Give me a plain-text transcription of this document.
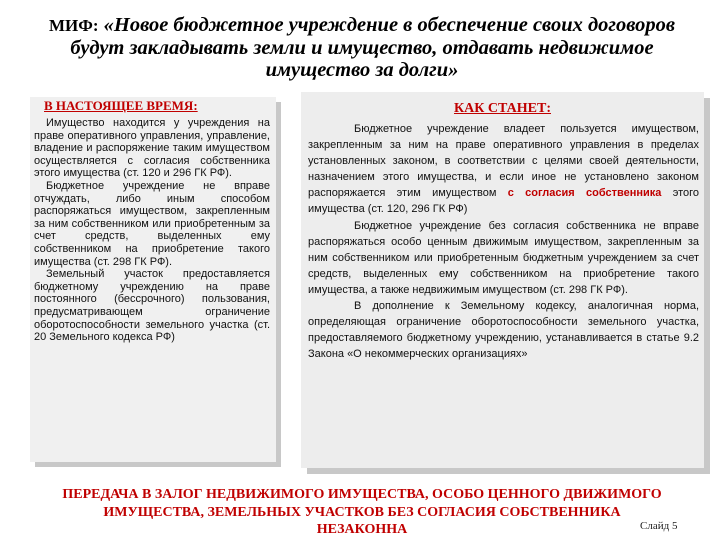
МИФ: «Новое бюджетное учреждение в обеспечение своих договоров будут закладывать земли и имущество, отдавать недвижимое имущество за долги»
В НАСТОЯЩЕЕ ВРЕМЯ:

Имущество находится у учреждения на праве оперативного управления, управление, владение и распоряжение таким имуществом осуществляется с согласия собственника этого имущества (ст. 120 и 296 ГК РФ).

Бюджетное учреждение не вправе отчуждать, либо иным способом распоряжаться имуществом, закрепленным за ним собственником или приобретенным за счет средств, выделенных ему собственником на приобретение такого имущества (ст. 298 ГК РФ).

Земельный участок предоставляется бюджетному учреждению на праве постоянного (бессрочного) пользования, предусматривающем ограничение оборотоспособности земельного участка (ст. 20 Земельного кодекса РФ)

КАК СТАНЕТ:

Бюджетное учреждение владеет пользуется имуществом, закрепленным за ним на праве оперативного управления в пределах установленных законом, в соответствии с целями своей деятельности, назначением этого имущества, и если иное не установлено законом распоряжается этим имуществом с согласия собственника этого имущества (ст. 120, 296 ГК РФ)

Бюджетное учреждение без согласия собственника не вправе распоряжаться особо ценным движимым имуществом, закрепленным за ним собственником или приобретенным бюджетным учреждением за счет средств, выделенных ему собственником на приобретение такого имущества, а также недвижимым имуществом (ст. 298 ГК РФ).

В дополнение к Земельному кодексу, аналогичная норма, определяющая ограничение оборотоспособности земельного участка, предоставляемого бюджетному учреждению, устанавливается в статье 9.2 Закона «О некоммерческих организациях»

ПЕРЕДАЧА В ЗАЛОГ НЕДВИЖИМОГО ИМУЩЕСТВА, ОСОБО ЦЕННОГО ДВИЖИМОГО
ИМУЩЕСТВА, ЗЕМЕЛЬНЫХ УЧАСТКОВ БЕЗ СОГЛАСИЯ СОБСТВЕННИКА
НЕЗАКОННА	Слайд 5
